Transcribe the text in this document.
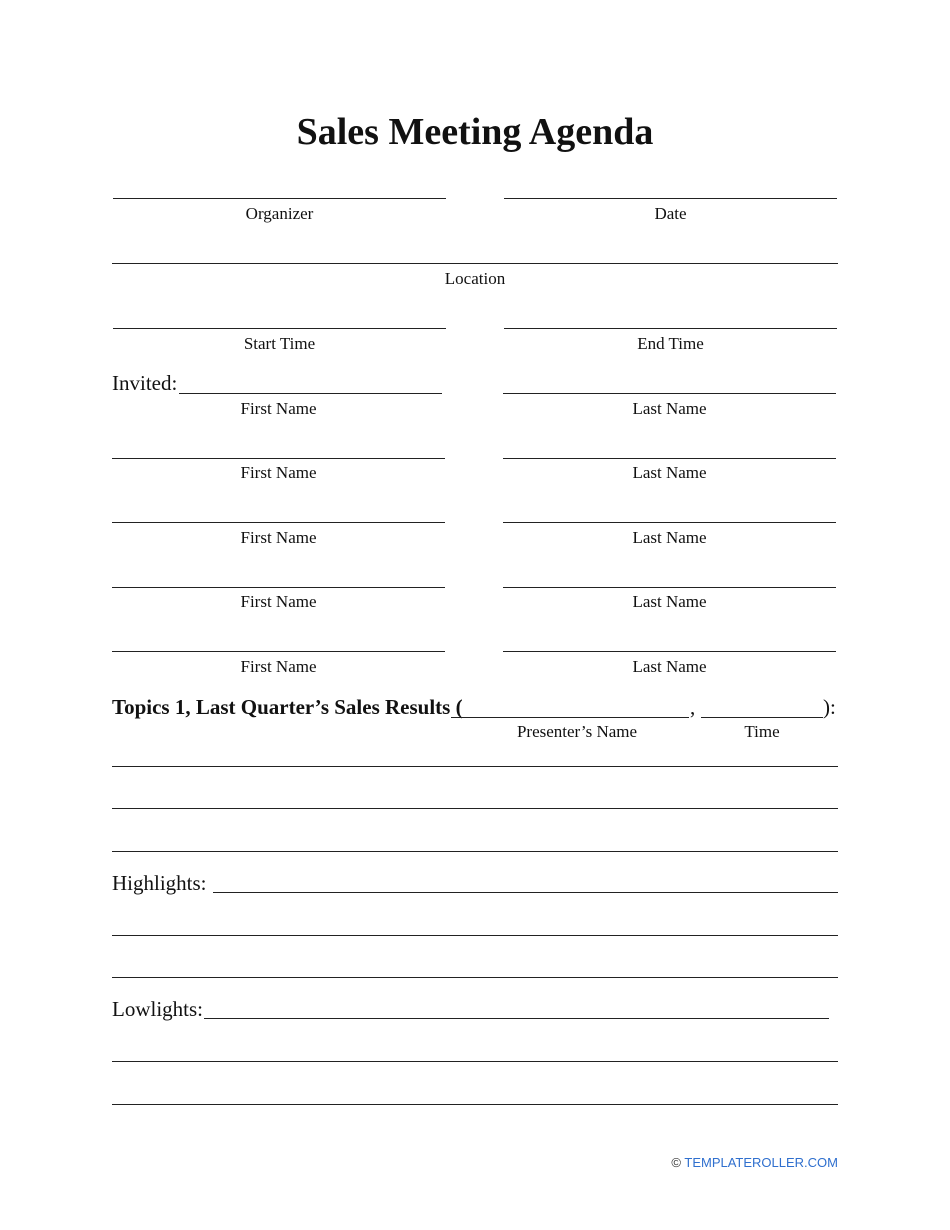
Sales Meeting Agenda
Organizer	Date
Location
Start Time	End Time
Invited:
First Name	Last Name
First Name	Last Name
First Name	Last Name
First Name	Last Name
First Name	Last Name
Topics 1, Last Quarter’s Sales Results (	,	):
Presenter’s Name	Time
Highlights:
Lowlights:
© TEMPLATEROLLER.COM
